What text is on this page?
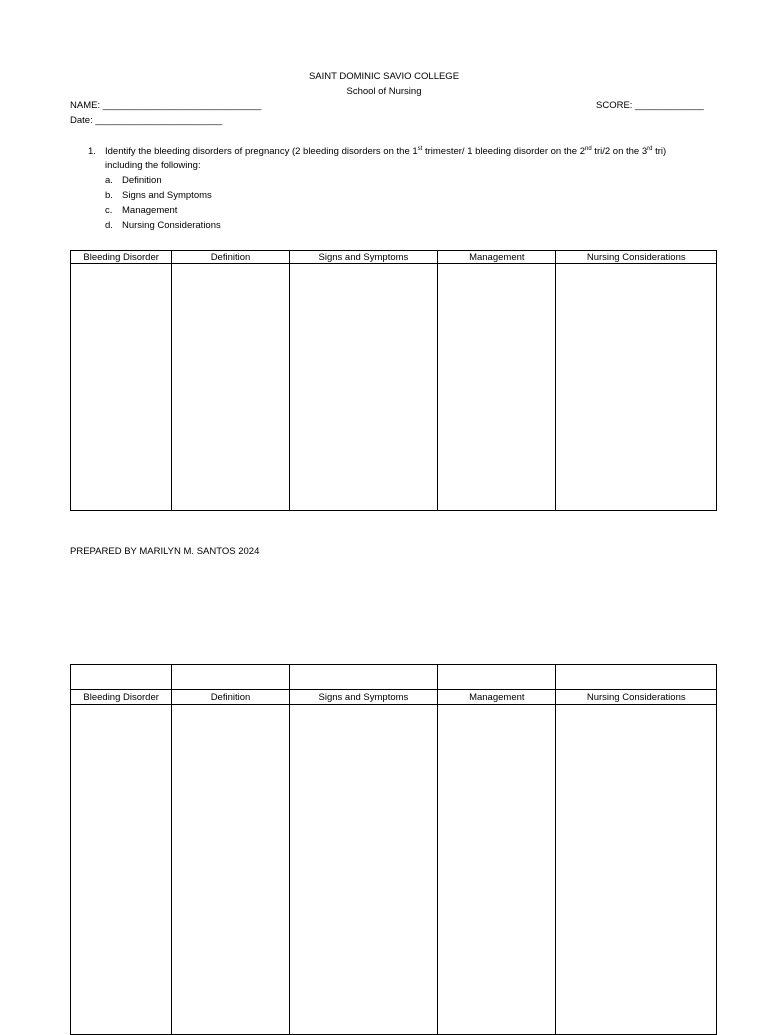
SAINT DOMINIC SAVIO COLLEGE
School of Nursing
NAME: ______________________________	SCORE: _____________
Date: ________________________
1. Identify the bleeding disorders of pregnancy (2 bleeding disorders on the 1st trimester/ 1 bleeding disorder on the 2nd tri/2 on the 3rd tri)
including the following:
a. Definition
b. Signs and Symptoms
c. Management
d. Nursing Considerations
Bleeding Disorder	Definition	Signs and Symptoms	Management	Nursing Considerations

PREPARED BY MARILYN M. SANTOS 2024

Bleeding Disorder	Definition	Signs and Symptoms	Management	Nursing Considerations
